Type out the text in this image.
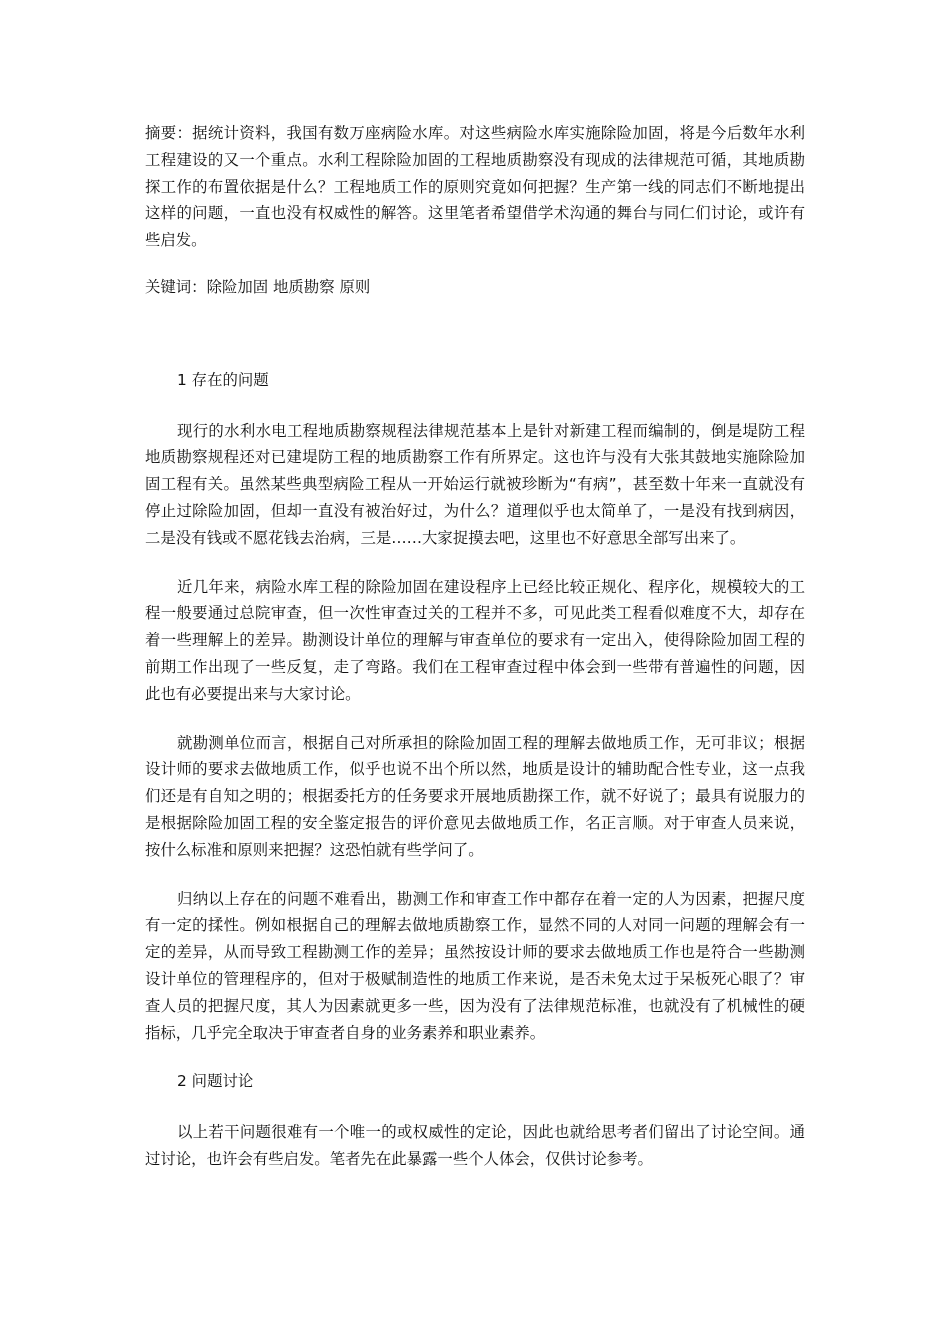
摘要：据统计资料，我国有数万座病险水库。对这些病险水库实施除险加固，将是今后数年水利工程建设的又一个重点。水利工程除险加固的工程地质勘察没有现成的法律规范可循，其地质勘探工作的布置依据是什么？工程地质工作的原则究竟如何把握？生产第一线的同志们不断地提出这样的问题，一直也没有权威性的解答。这里笔者希望借学术沟通的舞台与同仁们讨论，或许有些启发。

关键词：除险加固 地质勘察 原则

1 存在的问题

现行的水利水电工程地质勘察规程法律规范基本上是针对新建工程而编制的，倒是堤防工程地质勘察规程还对已建堤防工程的地质勘察工作有所界定。这也许与没有大张其鼓地实施除险加固工程有关。虽然某些典型病险工程从一开始运行就被珍断为“有病”，甚至数十年来一直就没有停止过除险加固，但却一直没有被治好过，为什么？道理似乎也太简单了，一是没有找到病因，二是没有钱或不愿花钱去治病，三是……大家捉摸去吧，这里也不好意思全部写出来了。

近几年来，病险水库工程的除险加固在建设程序上已经比较正规化、程序化，规模较大的工程一般要通过总院审查，但一次性审查过关的工程并不多，可见此类工程看似难度不大，却存在着一些理解上的差异。勘测设计单位的理解与审查单位的要求有一定出入，使得除险加固工程的前期工作出现了一些反复，走了弯路。我们在工程审查过程中体会到一些带有普遍性的问题，因此也有必要提出来与大家讨论。

就勘测单位而言，根据自己对所承担的除险加固工程的理解去做地质工作，无可非议；根据设计师的要求去做地质工作，似乎也说不出个所以然，地质是设计的辅助配合性专业，这一点我们还是有自知之明的；根据委托方的任务要求开展地质勘探工作，就不好说了；最具有说服力的是根据除险加固工程的安全鉴定报告的评价意见去做地质工作，名正言顺。对于审查人员来说，按什么标准和原则来把握？这恐怕就有些学问了。

归纳以上存在的问题不难看出，勘测工作和审查工作中都存在着一定的人为因素，把握尺度有一定的揉性。例如根据自己的理解去做地质勘察工作，显然不同的人对同一问题的理解会有一定的差异，从而导致工程勘测工作的差异；虽然按设计师的要求去做地质工作也是符合一些勘测设计单位的管理程序的，但对于极赋制造性的地质工作来说，是否未免太过于呆板死心眼了？审查人员的把握尺度，其人为因素就更多一些，因为没有了法律规范标准，也就没有了机械性的硬指标，几乎完全取决于审查者自身的业务素养和职业素养。

2 问题讨论

以上若干问题很难有一个唯一的或权威性的定论，因此也就给思考者们留出了讨论空间。通过讨论，也许会有些启发。笔者先在此暴露一些个人体会，仅供讨论参考。
